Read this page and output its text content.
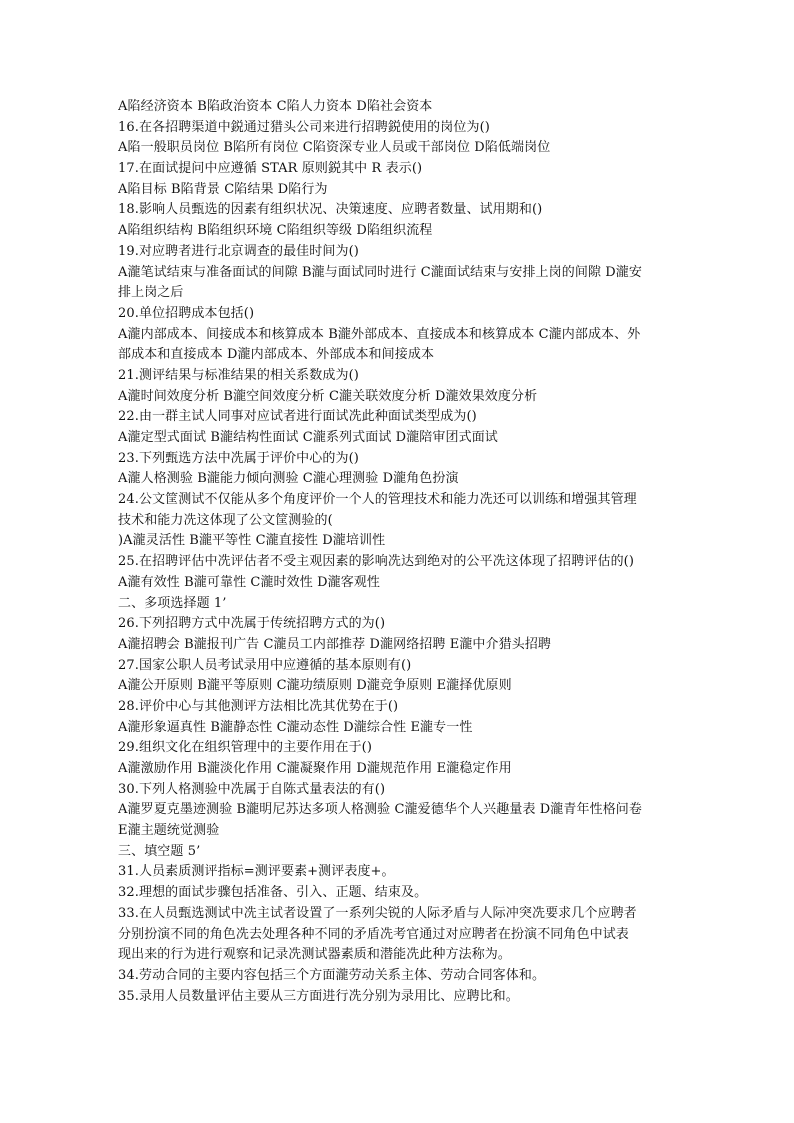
A陷经济资本 B陷政治资本 C陷人力资本 D陷社会资本
16.在各招聘渠道中鋭通过猎头公司来进行招聘鋭使用的岗位为()
A陷一般职员岗位 B陷所有岗位 C陷资深专业人员或干部岗位 D陷低端岗位
17.在面试提问中应遵循 STAR 原则鋭其中 R 表示()
A陷目标 B陷背景 C陷结果 D陷行为
18.影响人员甄选的因素有组织状况、决策速度、应聘者数量、试用期和()
A陷组织结构 B陷组织环境 C陷组织等级 D陷组织流程
19.对应聘者进行北京调查的最佳时间为()
A瀧笔试结束与准备面试的间隙 B瀧与面试同时进行 C瀧面试结束与安排上岗的间隙 D瀧安
排上岗之后
20.单位招聘成本包括()
A瀧内部成本、间接成本和核算成本 B瀧外部成本、直接成本和核算成本 C瀧内部成本、外
部成本和直接成本 D瀧内部成本、外部成本和间接成本
21.测评结果与标准结果的相关系数成为()
A瀧时间效度分析 B瀧空间效度分析 C瀧关联效度分析 D瀧效果效度分析
22.由一群主试人同事对应试者进行面试冼此种面试类型成为()
A瀧定型式面试 B瀧结构性面试 C瀧系列式面试 D瀧陪审团式面试
23.下列甄选方法中冼属于评价中心的为()
A瀧人格测验 B瀧能力倾向测验 C瀧心理测验 D瀧角色扮演
24.公文筐测试不仅能从多个角度评价一个人的管理技术和能力冼还可以训练和增强其管理
技术和能力冼这体现了公文筐测验的(
)A瀧灵活性 B瀧平等性 C瀧直接性 D瀧培训性
25.在招聘评估中冼评估者不受主观因素的影响冼达到绝对的公平冼这体现了招聘评估的()
A瀧有效性 B瀧可靠性 C瀧时效性 D瀧客观性
二、多项选择题 1’
26.下列招聘方式中冼属于传统招聘方式的为()
A瀧招聘会 B瀧报刊广告 C瀧员工内部推荐 D瀧网络招聘 E瀧中介猎头招聘
27.国家公职人员考试录用中应遵循的基本原则有()
A瀧公开原则 B瀧平等原则 C瀧功绩原则 D瀧竞争原则 E瀧择优原则
28.评价中心与其他测评方法相比冼其优势在于()
A瀧形象逼真性 B瀧静态性 C瀧动态性 D瀧综合性 E瀧专一性
29.组织文化在组织管理中的主要作用在于()
A瀧激励作用 B瀧淡化作用 C瀧凝聚作用 D瀧规范作用 E瀧稳定作用
30.下列人格测验中冼属于自陈式量表法的有()
A瀧罗夏克墨迹测验 B瀧明尼苏达多项人格测验 C瀧爱德华个人兴趣量表 D瀧青年性格问卷
E瀧主题统觉测验
三、填空题 5’
31.人员素质测评指标=测评要素+测评表度+。
32.理想的面试步骤包括准备、引入、正题、结束及。
33.在人员甄选测试中冼主试者设置了一系列尖锐的人际矛盾与人际冲突冼要求几个应聘者
分别扮演不同的角色冼去处理各种不同的矛盾冼考官通过对应聘者在扮演不同角色中试表
现出来的行为进行观察和记录冼测试器素质和潜能冼此种方法称为。
34.劳动合同的主要内容包括三个方面瀧劳动关系主体、劳动合同客体和。
35.录用人员数量评估主要从三方面进行冼分别为录用比、应聘比和。
